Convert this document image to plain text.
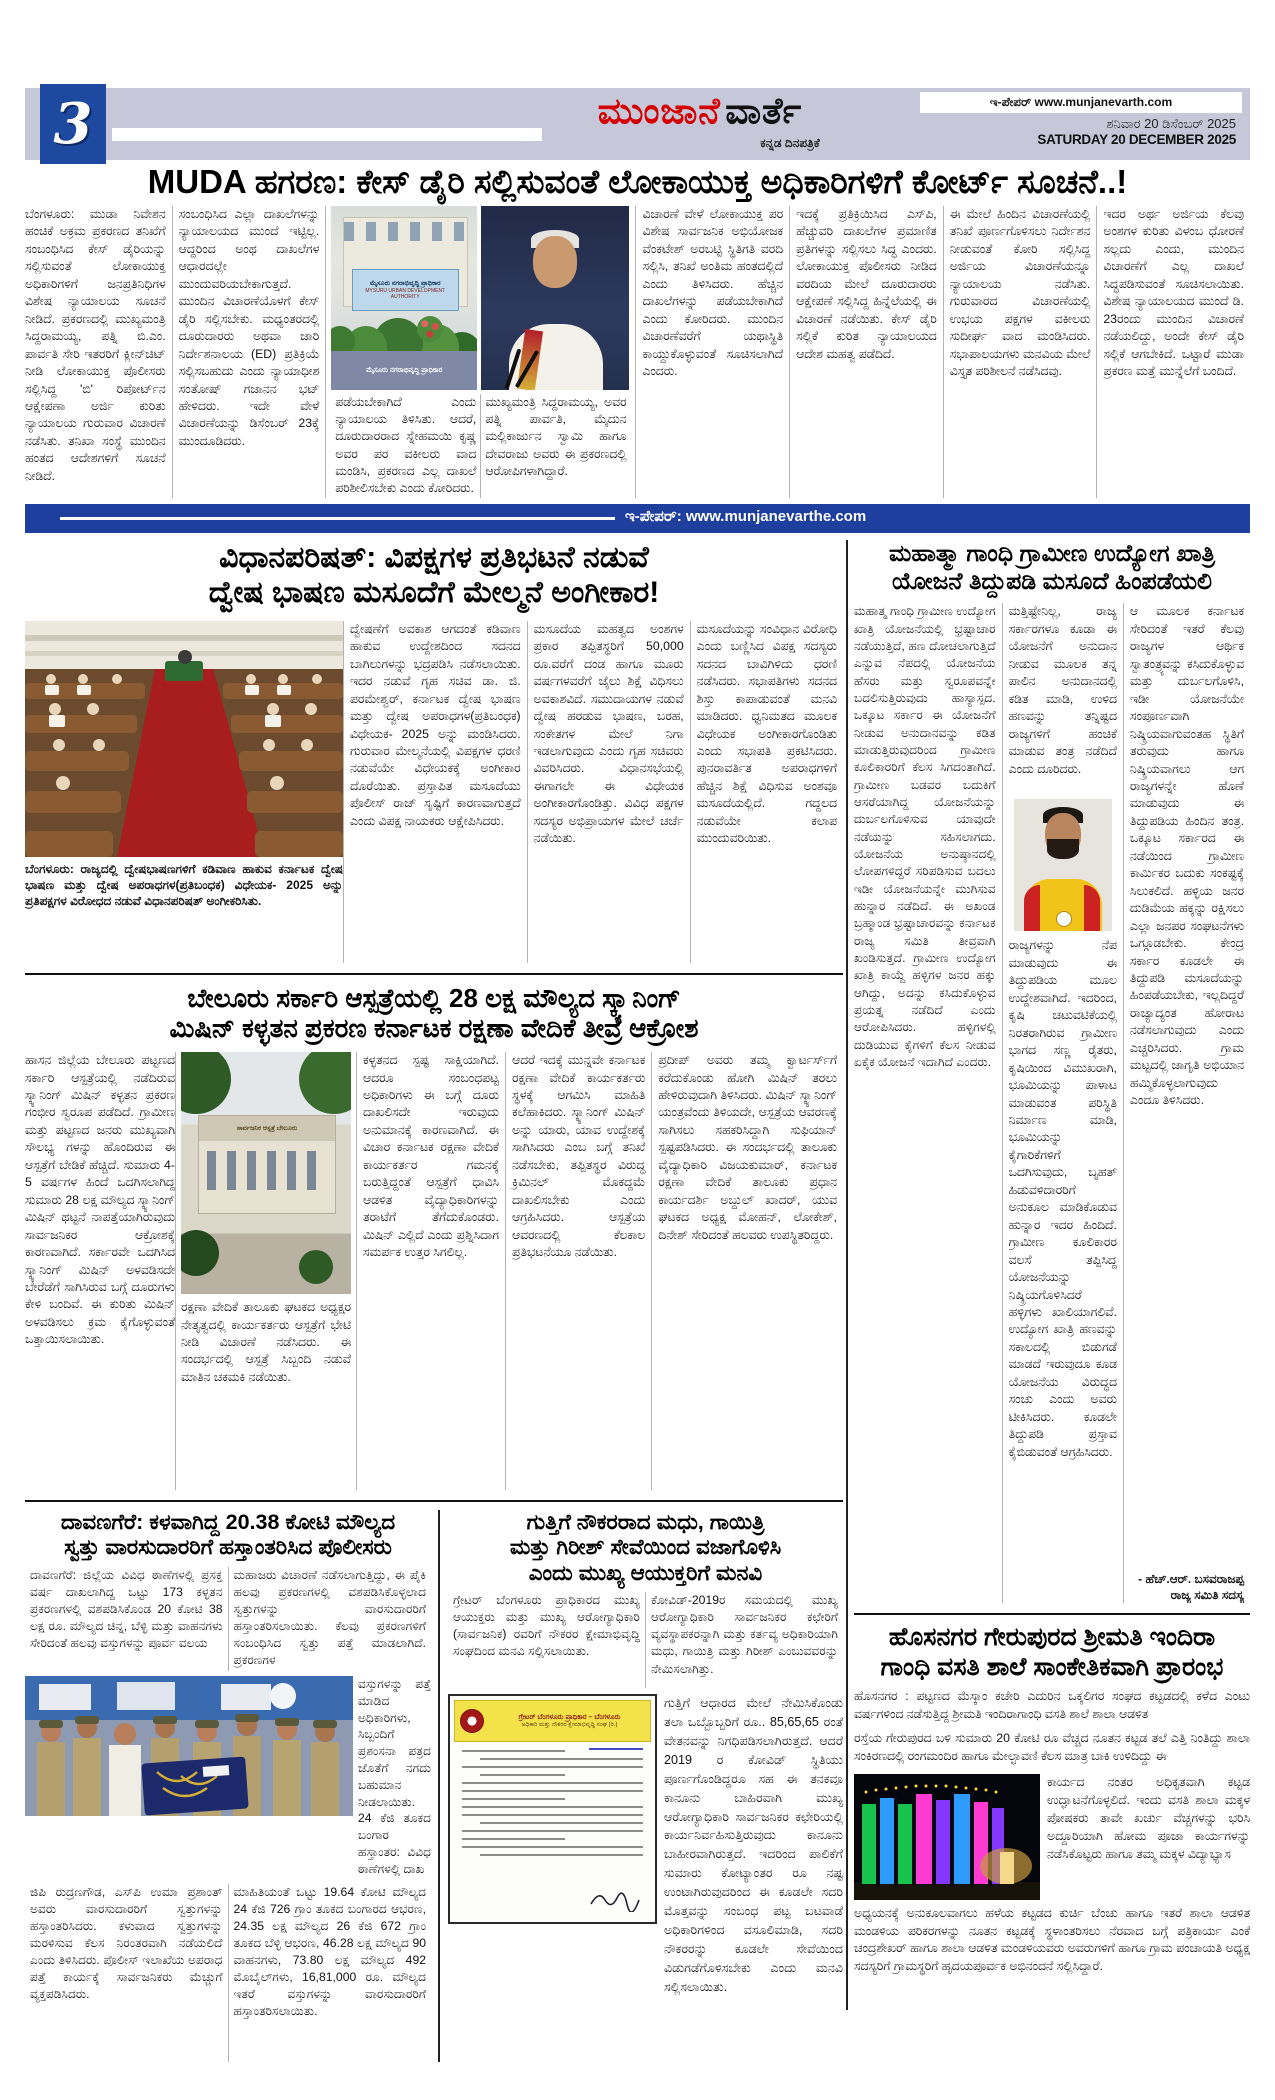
3	ಮುಂಜಾನೆ ವಾರ್ತೆ
ಕನ್ನಡ ದಿನಪತ್ರಿಕೆ
ಇ-ಪೇಪರ್ www.munjanevarth.com
ಶನಿವಾರ 20 ಡಿಸೆಂಬರ್ 2025
SATURDAY 20 DECEMBER 2025
MUDA ಹಗರಣ: ಕೇಸ್ ಡೈರಿ ಸಲ್ಲಿಸುವಂತೆ ಲೋಕಾಯುಕ್ತ ಅಧಿಕಾರಿಗಳಿಗೆ ಕೋರ್ಟ್ ಸೂಚನೆ..!
ಬೆಂಗಳೂರು: ಮುಡಾ ನಿವೇಶನ ಹಂಚಿಕೆ ಅಕ್ರಮ ಪ್ರಕರಣದ ತನಿಖೆಗೆ ಸಂಬಂಧಿಸಿದ ಕೇಸ್ ಡೈರಿಯನ್ನು ಸಲ್ಲಿಸುವಂತೆ ಲೋಕಾಯುಕ್ತ ಅಧಿಕಾರಿಗಳಿಗೆ ಜನಪ್ರತಿನಿಧಿಗಳ ವಿಶೇಷ ನ್ಯಾಯಾಲಯ ಸೂಚನೆ ನೀಡಿದೆ. ಪ್ರಕರಣದಲ್ಲಿ ಮುಖ್ಯಮಂತ್ರಿ ಸಿದ್ದರಾಮಯ್ಯ, ಪತ್ನಿ ಬಿ.ಎಂ. ಪಾರ್ವತಿ ಸೇರಿ ಇತರರಿಗೆ ಕ್ಲೀನ್‌ಚಿಟ್ ನೀಡಿ ಲೋಕಾಯುಕ್ತ ಪೊಲೀಸರು ಸಲ್ಲಿಸಿದ್ದ 'ಬಿ' ರಿಪೋರ್ಟ್‌ನ ಆಕ್ಷೇಪಣಾ ಅರ್ಜಿ ಕುರಿತು ನ್ಯಾಯಾಲಯ ಗುರುವಾರ ವಿಚಾರಣೆ ನಡೆಸಿತು. ತನಿಖಾ ಸಂಸ್ಥೆ ಮುಂದಿನ ಹಂತದ ಆದೇಶಗಳಿಗೆ ಸೂಚನೆ ನೀಡಿದೆ.
ಸಂಬಂಧಿಸಿದ ಎಲ್ಲಾ ದಾಖಲೆಗಳನ್ನು ನ್ಯಾಯಾಲಯದ ಮುಂದೆ ಇಟ್ಟಿಲ್ಲ. ಆದ್ದರಿಂದ ಅಂಥ ದಾಖಲೆಗಳ ಆಧಾರದಲ್ಲೇ ಮುಂದುವರಿಯಬೇಕಾಗುತ್ತದೆ. ಮುಂದಿನ ವಿಚಾರಣೆಯೊಳಗೆ ಕೇಸ್ ಡೈರಿ ಸಲ್ಲಿಸಬೇಕು. ಮಧ್ಯಂತರದಲ್ಲಿ ದೂರುದಾರರು ಅಥವಾ ಜಾರಿ ನಿರ್ದೇಶನಾಲಯ (ED) ಪ್ರತಿಕ್ರಿಯೆ ಸಲ್ಲಿಸಬಹುದು ಎಂದು ನ್ಯಾಯಾಧೀಶ ಸಂತೋಷ್ ಗಜಾನನ ಭಟ್ ಹೇಳಿದರು. ಇದೇ ವೇಳೆ ವಿಚಾರಣೆಯನ್ನು ಡಿಸೆಂಬರ್ 23ಕ್ಕೆ ಮುಂದೂಡಿದರು.
ಮೈಸೂರು ನಗರಾಭಿವೃದ್ಧಿ ಪ್ರಾಧಿಕಾರ
MYSURU URBAN DEVELOPMENT AUTHORITY
ಮೈಸೂರು ನಗರಾಭಿವೃದ್ಧಿ ಪ್ರಾಧಿಕಾರ
ಪಡೆಯಬೇಕಾಗಿದೆ ಎಂದು ನ್ಯಾಯಾಲಯ ತಿಳಿಸಿತು. ಆದರೆ, ದೂರುದಾರರಾದ ಸ್ನೇಹಮಯಿ ಕೃಷ್ಣ ಅವರ ಪರ ವಕೀಲರು ವಾದ ಮಂಡಿಸಿ, ಪ್ರಕರಣದ ಎಲ್ಲ ದಾಖಲೆ ಪರಿಶೀಲಿಸಬೇಕು ಎಂದು ಕೋರಿದರು.
ಮುಖ್ಯಮಂತ್ರಿ ಸಿದ್ದರಾಮಯ್ಯ, ಅವರ ಪತ್ನಿ ಪಾರ್ವತಿ, ಮೈದುನ ಮಲ್ಲಿಕಾರ್ಜುನ ಸ್ವಾಮಿ ಹಾಗೂ ದೇವರಾಜು ಅವರು ಈ ಪ್ರಕರಣದಲ್ಲಿ ಆರೋಪಿಗಳಾಗಿದ್ದಾರೆ.
ವಿಚಾರಣೆ ವೇಳೆ ಲೋಕಾಯುಕ್ತ ಪರ ವಿಶೇಷ ಸಾರ್ವಜನಿಕ ಅಭಿಯೋಜಕ ವೆಂಕಟೇಶ್ ಅರಬಟ್ಟಿ ಸ್ಥಿತಿಗತಿ ವರದಿ ಸಲ್ಲಿಸಿ, ತನಿಖೆ ಅಂತಿಮ ಹಂತದಲ್ಲಿದೆ ಎಂದು ತಿಳಿಸಿದರು. ಹೆಚ್ಚಿನ ದಾಖಲೆಗಳನ್ನು ಪಡೆಯಬೇಕಾಗಿದೆ ಎಂದು ಕೋರಿದರು. ಮುಂದಿನ ವಿಚಾರಣೆವರೆಗೆ ಯಥಾಸ್ಥಿತಿ ಕಾಯ್ದುಕೊಳ್ಳುವಂತೆ ಸೂಚಿಸಲಾಗಿದೆ ಎಂದರು.
ಇದಕ್ಕೆ ಪ್ರತಿಕ್ರಿಯಿಸಿದ ಎಸ್‌ಪಿ, ಹೆಚ್ಚುವರಿ ದಾಖಲೆಗಳ ಪ್ರಮಾಣಿತ ಪ್ರತಿಗಳನ್ನು ಸಲ್ಲಿಸಲು ಸಿದ್ಧ ಎಂದರು. ಲೋಕಾಯುಕ್ತ ಪೊಲೀಸರು ನೀಡಿದ ವರದಿಯ ಮೇಲೆ ದೂರುದಾರರು ಆಕ್ಷೇಪಣೆ ಸಲ್ಲಿಸಿದ್ದ ಹಿನ್ನೆಲೆಯಲ್ಲಿ ಈ ವಿಚಾರಣೆ ನಡೆಯಿತು. ಕೇಸ್ ಡೈರಿ ಸಲ್ಲಿಕೆ ಕುರಿತ ನ್ಯಾಯಾಲಯದ ಆದೇಶ ಮಹತ್ವ ಪಡೆದಿದೆ.
ಈ ಮೇಲೆ ಹಿಂದಿನ ವಿಚಾರಣೆಯಲ್ಲಿ ತನಿಖೆ ಪೂರ್ಣಗೊಳಿಸಲು ನಿರ್ದೇಶನ ನೀಡುವಂತೆ ಕೋರಿ ಸಲ್ಲಿಸಿದ್ದ ಅರ್ಜಿಯ ವಿಚಾರಣೆಯನ್ನೂ ನ್ಯಾಯಾಲಯ ನಡೆಸಿತು. ಗುರುವಾರದ ವಿಚಾರಣೆಯಲ್ಲಿ ಉಭಯ ಪಕ್ಷಗಳ ವಕೀಲರು ಸುದೀರ್ಘ ವಾದ ಮಂಡಿಸಿದರು. ಸಭಾಪಾಲಯಗಳು ಮನವಿಯ ಮೇಲೆ ವಿಸ್ತೃತ ಪರಿಶೀಲನೆ ನಡೆಸಿದವು.
ಇದರ ಅರ್ಥ ಅರ್ಜಿಯ ಕೆಲವು ಅಂಶಗಳ ಕುರಿತು ವಿಳಂಬ ಧೋರಣೆ ಸಲ್ಲದು ಎಂದು, ಮುಂದಿನ ವಿಚಾರಣೆಗೆ ಎಲ್ಲ ದಾಖಲೆ ಸಿದ್ಧಪಡಿಸುವಂತೆ ಸೂಚಿಸಲಾಯಿತು. ವಿಶೇಷ ನ್ಯಾಯಾಲಯದ ಮುಂದೆ ಡಿ. 23ರಂದು ಮುಂದಿನ ವಿಚಾರಣೆ ನಡೆಯಲಿದ್ದು, ಅಂದೇ ಕೇಸ್ ಡೈರಿ ಸಲ್ಲಿಕೆ ಆಗಬೇಕಿದೆ. ಒಟ್ಟಾರೆ ಮುಡಾ ಪ್ರಕರಣ ಮತ್ತೆ ಮುನ್ನೆಲೆಗೆ ಬಂದಿದೆ.
ಇ-ಪೇಪರ್: www.munjanevarthe.com
ವಿಧಾನಪರಿಷತ್: ವಿಪಕ್ಷಗಳ ಪ್ರತಿಭಟನೆ ನಡುವೆ
ದ್ವೇಷ ಭಾಷಣ ಮಸೂದೆಗೆ ಮೇಲ್ಮನೆ ಅಂಗೀಕಾರ!
ಬೆಂಗಳೂರು: ರಾಜ್ಯದಲ್ಲಿ ದ್ವೇಷಭಾಷಣಗಳಿಗೆ ಕಡಿವಾಣ ಹಾಕುವ ಕರ್ನಾಟಕ ದ್ವೇಷ ಭಾಷಣ ಮತ್ತು ದ್ವೇಷ ಅಪರಾಧಗಳ(ಪ್ರತಿಬಂಧಕ) ವಿಧೇಯಕ- 2025 ಅನ್ನು ಪ್ರತಿಪಕ್ಷಗಳ ವಿರೋಧದ ನಡುವೆ ವಿಧಾನಪರಿಷತ್ ಅಂಗೀಕರಿಸಿತು.
ದ್ವೇಷಣೆಗೆ ಅವಕಾಶ ಆಗದಂತೆ ಕಡಿವಾಣ ಹಾಕುವ ಉದ್ದೇಶದಿಂದ ಸದನದ ಬಾಗಿಲುಗಳನ್ನು ಭದ್ರಪಡಿಸಿ ನಡೆಸಲಾಯಿತು. ಇದರ ನಡುವೆ ಗೃಹ ಸಚಿವ ಡಾ. ಜಿ. ಪರಮೇಶ್ವರ್, ಕರ್ನಾಟಕ ದ್ವೇಷ ಭಾಷಣ ಮತ್ತು ದ್ವೇಷ ಅಪರಾಧಗಳ(ಪ್ರತಿಬಂಧಕ) ವಿಧೇಯಕ- 2025 ಅನ್ನು ಮಂಡಿಸಿದರು. ಗುರುವಾರ ಮೇಲ್ಮನೆಯಲ್ಲಿ ವಿಪಕ್ಷಗಳ ಧರಣಿ ನಡುವೆಯೇ ವಿಧೇಯಕಕ್ಕೆ ಅಂಗೀಕಾರ ದೊರೆಯಿತು. ಪ್ರಸ್ತಾಪಿತ ಮಸೂದೆಯು ಪೊಲೀಸ್ ರಾಜ್ ಸೃಷ್ಟಿಗೆ ಕಾರಣವಾಗುತ್ತದೆ ಎಂದು ವಿಪಕ್ಷ ನಾಯಕರು ಆಕ್ಷೇಪಿಸಿದರು.
ಮಸೂದೆಯ ಮಹತ್ವದ ಅಂಶಗಳ ಪ್ರಕಾರ ತಪ್ಪಿತಸ್ಥರಿಗೆ 50,000 ರೂ.ವರೆಗೆ ದಂಡ ಹಾಗೂ ಮೂರು ವರ್ಷಗಳವರೆಗೆ ಜೈಲು ಶಿಕ್ಷೆ ವಿಧಿಸಲು ಅವಕಾಶವಿದೆ. ಸಮುದಾಯಗಳ ನಡುವೆ ದ್ವೇಷ ಹರಡುವ ಭಾಷಣ, ಬರಹ, ಸಂಕೇತಗಳ ಮೇಲೆ ನಿಗಾ ಇಡಲಾಗುವುದು ಎಂದು ಗೃಹ ಸಚಿವರು ವಿವರಿಸಿದರು. ವಿಧಾನಸಭೆಯಲ್ಲಿ ಈಗಾಗಲೇ ಈ ವಿಧೇಯಕ ಅಂಗೀಕಾರಗೊಂಡಿತ್ತು. ವಿವಿಧ ಪಕ್ಷಗಳ ಸದಸ್ಯರ ಅಭಿಪ್ರಾಯಗಳ ಮೇಲೆ ಚರ್ಚೆ ನಡೆಯಿತು.
ಮಸೂದೆಯನ್ನು ಸಂವಿಧಾನ ವಿರೋಧಿ ಎಂದು ಬಣ್ಣಿಸಿದ ವಿಪಕ್ಷ ಸದಸ್ಯರು ಸದನದ ಬಾವಿಗಿಳಿದು ಧರಣಿ ನಡೆಸಿದರು. ಸಭಾಪತಿಗಳು ಸದನದ ಶಿಸ್ತು ಕಾಪಾಡುವಂತೆ ಮನವಿ ಮಾಡಿದರು. ಧ್ವನಿಮತದ ಮೂಲಕ ವಿಧೇಯಕ ಅಂಗೀಕಾರಗೊಂಡಿತು ಎಂದು ಸಭಾಪತಿ ಪ್ರಕಟಿಸಿದರು. ಪುನರಾವರ್ತಿತ ಅಪರಾಧಗಳಿಗೆ ಹೆಚ್ಚಿನ ಶಿಕ್ಷೆ ವಿಧಿಸುವ ಅಂಶವೂ ಮಸೂದೆಯಲ್ಲಿದೆ. ಗದ್ದಲದ ನಡುವೆಯೇ ಕಲಾಪ ಮುಂದುವರಿಯಿತು.
ಬೇಲೂರು ಸರ್ಕಾರಿ ಆಸ್ಪತ್ರೆಯಲ್ಲಿ 28 ಲಕ್ಷ ಮೌಲ್ಯದ ಸ್ಕ್ಯಾನಿಂಗ್
ಮಿಷಿನ್ ಕಳ್ಳತನ ಪ್ರಕರಣ ಕರ್ನಾಟಕ ರಕ್ಷಣಾ ವೇದಿಕೆ ತೀವ್ರ ಆಕ್ರೋಶ
ಹಾಸನ ಜಿಲ್ಲೆಯ ಬೇಲೂರು ಪಟ್ಟಣದ ಸರ್ಕಾರಿ ಆಸ್ಪತ್ರೆಯಲ್ಲಿ ನಡೆದಿರುವ ಸ್ಕ್ಯಾನಿಂಗ್ ಮಿಷಿನ್ ಕಳ್ಳತನ ಪ್ರಕರಣ ಗಂಭೀರ ಸ್ವರೂಪ ಪಡೆದಿದೆ. ಗ್ರಾಮೀಣ ಮತ್ತು ಪಟ್ಟಣದ ಜನರು ಮುಖ್ಯವಾಗಿ ಸೌಲಭ್ಯ ಗಳನ್ನು ಹೊಂದಿರುವ ಈ ಆಸ್ಪತ್ರೆಗೆ ಬೇಡಿಕೆ ಹೆಚ್ಚಿದೆ. ಸುಮಾರು 4-5 ವರ್ಷಗಳ ಹಿಂದೆ ಒದಗಿಸಲಾಗಿದ್ದ ಸುಮಾರು 28 ಲಕ್ಷ ಮೌಲ್ಯದ ಸ್ಕ್ಯಾನಿಂಗ್ ಮಿಷಿನ್ ಥಟ್ಟನೆ ನಾಪತ್ತೆಯಾಗಿರುವುದು ಸಾರ್ವಜನಿಕರ ಆಕ್ರೋಶಕ್ಕೆ ಕಾರಣವಾಗಿದೆ. ಸರ್ಕಾರವೇ ಒದಗಿಸಿದ ಸ್ಕ್ಯಾನಿಂಗ್ ಮಿಷಿನ್ ಅಳವಡಿಸದೇ ಬೇರೆಡೆಗೆ ಸಾಗಿಸಿರುವ ಬಗ್ಗೆ ದೂರುಗಳು ಕೇಳಿ ಬಂದಿವೆ. ಈ ಕುರಿತು ಮಿಷಿನ್ ಅಳವಡಿಸಲು ಕ್ರಮ ಕೈಗೊಳ್ಳುವಂತೆ ಒತ್ತಾಯಿಸಲಾಯಿತು.
ಸಾರ್ವಜನಿಕ ಆಸ್ಪತ್ರೆ ಬೇಲೂರು
ರಕ್ಷಣಾ ವೇದಿಕೆ ತಾಲೂಕು ಘಟಕದ ಅಧ್ಯಕ್ಷರ ನೇತೃತ್ವದಲ್ಲಿ ಕಾರ್ಯಕರ್ತರು ಆಸ್ಪತ್ರೆಗೆ ಭೇಟಿ ನೀಡಿ ವಿಚಾರಣೆ ನಡೆಸಿದರು. ಈ ಸಂದರ್ಭದಲ್ಲಿ ಆಸ್ಪತ್ರೆ ಸಿಬ್ಬಂದಿ ನಡುವೆ ಮಾತಿನ ಚಕಮಕಿ ನಡೆಯಿತು.
ಕಳ್ಳತನದ ಸ್ಪಷ್ಟ ಸಾಕ್ಷಿಯಾಗಿದೆ. ಆದರೂ ಸಂಬಂಧಪಟ್ಟ ಅಧಿಕಾರಿಗಳು ಈ ಬಗ್ಗೆ ದೂರು ದಾಖಲಿಸದೇ ಇರುವುದು ಅನುಮಾನಕ್ಕೆ ಕಾರಣವಾಗಿದೆ. ಈ ವಿಚಾರ ಕರ್ನಾಟಕ ರಕ್ಷಣಾ ವೇದಿಕೆ ಕಾರ್ಯಕರ್ತರ ಗಮನಕ್ಕೆ ಬರುತ್ತಿದ್ದಂತೆ ಆಸ್ಪತ್ರೆಗೆ ಧಾವಿಸಿ ಆಡಳಿತ ವೈದ್ಯಾಧಿಕಾರಿಗಳನ್ನು ತರಾಟೆಗೆ ತೆಗೆದುಕೊಂಡರು. ಮಿಷಿನ್ ಎಲ್ಲಿದೆ ಎಂದು ಪ್ರಶ್ನಿಸಿದಾಗ ಸಮರ್ಪಕ ಉತ್ತರ ಸಿಗಲಿಲ್ಲ.
ಆದರೆ ಇದಕ್ಕೆ ಮುನ್ನವೇ ಕರ್ನಾಟಕ ರಕ್ಷಣಾ ವೇದಿಕೆ ಕಾರ್ಯಕರ್ತರು ಸ್ಥಳಕ್ಕೆ ಆಗಮಿಸಿ ಮಾಹಿತಿ ಕಲೆಹಾಕಿದರು. ಸ್ಕ್ಯಾನಿಂಗ್ ಮಿಷಿನ್ ಅನ್ನು ಯಾರು, ಯಾವ ಉದ್ದೇಶಕ್ಕೆ ಸಾಗಿಸಿದರು ಎಂಬ ಬಗ್ಗೆ ತನಿಖೆ ನಡೆಸಬೇಕು, ತಪ್ಪಿತಸ್ಥರ ವಿರುದ್ಧ ಕ್ರಿಮಿನಲ್ ಮೊಕದ್ದಮೆ ದಾಖಲಿಸಬೇಕು ಎಂದು ಆಗ್ರಹಿಸಿದರು. ಆಸ್ಪತ್ರೆಯ ಆವರಣದಲ್ಲಿ ಕೆಲಕಾಲ ಪ್ರತಿಭಟನೆಯೂ ನಡೆಯಿತು.
ಪ್ರದೀಪ್ ಅವರು ತಮ್ಮ ಕ್ವಾರ್ಟರ್ಸ್‌ಗೆ ಕರೆದುಕೊಂಡು ಹೋಗಿ ಮಿಷಿನ್ ತರಲು ಹೇಳಿರುವುದಾಗಿ ತಿಳಿಸಿದರು. ಮಿಷಿನ್ ಸ್ಕ್ಯಾನಿಂಗ್ ಯಂತ್ರವೆಂದು ತಿಳಿಯದೇ, ಆಸ್ಪತ್ರೆಯ ಆವರಣಕ್ಕೆ ಸಾಗಿಸಲು ಸಹಕರಿಸಿದ್ದಾಗಿ ಸುಫಿಯಾನ್ ಸ್ಪಷ್ಟಪಡಿಸಿದರು. ಈ ಸಂದರ್ಭದಲ್ಲಿ ತಾಲೂಕು ವೈದ್ಯಾಧಿಕಾರಿ ವಿಜಯಕುಮಾರ್, ಕರ್ನಾಟಕ ರಕ್ಷಣಾ ವೇದಿಕೆ ತಾಲೂಕು ಪ್ರಧಾನ ಕಾರ್ಯದರ್ಶಿ ಅಬ್ದುಲ್ ಖಾದರ್, ಯುವ ಘಟಕದ ಅಧ್ಯಕ್ಷ ಮೋಹನ್, ಲೋಕೇಶ್, ದಿನೇಶ್ ಸೇರಿದಂತೆ ಹಲವರು ಉಪಸ್ಥಿತರಿದ್ದರು.
ದಾವಣಗೆರೆ: ಕಳವಾಗಿದ್ದ 20.38 ಕೋಟಿ ಮೌಲ್ಯದ
ಸ್ವತ್ತು ವಾರಸುದಾರರಿಗೆ ಹಸ್ತಾಂತರಿಸಿದ ಪೊಲೀಸರು
ದಾವಣಗೆರೆ: ಜಿಲ್ಲೆಯ ವಿವಿಧ ಠಾಣೆಗಳಲ್ಲಿ ಪ್ರಸಕ್ತ ವರ್ಷ ದಾಖಲಾಗಿದ್ದ ಒಟ್ಟು 173 ಕಳ್ಳತನ ಪ್ರಕರಣಗಳಲ್ಲಿ ವಶಪಡಿಸಿಕೊಂಡ 20 ಕೋಟಿ 38 ಲಕ್ಷ ರೂ. ಮೌಲ್ಯದ ಚಿನ್ನ, ಬೆಳ್ಳಿ ಮತ್ತು ವಾಹನಗಳು ಸೇರಿದಂತೆ ಹಲವು ವಸ್ತುಗಳನ್ನು ಪೂರ್ವ ವಲಯ
ಮಹಾಜರು ವಿಚಾರಣೆ ನಡೆಸಲಾಗುತ್ತಿದ್ದು, ಈ ಪೈಕಿ ಹಲವು ಪ್ರಕರಣಗಳಲ್ಲಿ ವಶಪಡಿಸಿಕೊಳ್ಳಲಾದ ಸ್ವತ್ತುಗಳನ್ನು ವಾರಸುದಾರರಿಗೆ ಹಸ್ತಾಂತರಿಸಲಾಯಿತು. ಕೆಲವು ಪ್ರಕರಣಗಳಿಗೆ ಸಂಬಂಧಿಸಿದ ಸ್ವತ್ತು ಪತ್ತೆ ಮಾಡಲಾಗಿದೆ. ಪ್ರಕರಣಗಳ
ವಸ್ತುಗಳನ್ನು ಪತ್ತೆ ಮಾಡಿದ ಅಧಿಕಾರಿಗಳು, ಸಿಬ್ಬಂದಿಗೆ ಪ್ರಶಂಸನಾ ಪತ್ರದ ಜೊತೆಗೆ ನಗದು ಬಹುಮಾನ ನೀಡಲಾಯಿತು. 24 ಕೆಜಿ ತೂಕದ ಬಂಗಾರ ಹಸ್ತಾಂತರ: ವಿವಿಧ ಠಾಣೆಗಳಲ್ಲಿ ದಾಖ
ಜಿಪಿ ರುದ್ರಣಗೌಡ, ಎಸ್‌ಪಿ ಉಮಾ ಪ್ರಶಾಂತ್ ಅವರು ವಾರಸುದಾರರಿಗೆ ಸ್ವತ್ತುಗಳನ್ನು ಹಸ್ತಾಂತರಿಸಿದರು. ಕಳುವಾದ ಸ್ವತ್ತುಗಳನ್ನು ಮರಳಿಸುವ ಕೆಲಸ ನಿರಂತರವಾಗಿ ನಡೆಯಲಿದೆ ಎಂದು ತಿಳಿಸಿದರು. ಪೊಲೀಸ್ ಇಲಾಖೆಯ ಅಪರಾಧ ಪತ್ತೆ ಕಾರ್ಯಕ್ಕೆ ಸಾರ್ವಜನಿಕರು ಮೆಚ್ಚುಗೆ ವ್ಯಕ್ತಪಡಿಸಿದರು.
ಮಾಹಿತಿಯಂತೆ ಒಟ್ಟು 19.64 ಕೋಟಿ ಮೌಲ್ಯದ 24 ಕೆಜಿ 726 ಗ್ರಾಂ ತೂಕದ ಬಂಗಾರದ ಆಭರಣ, 24.35 ಲಕ್ಷ ಮೌಲ್ಯದ 26 ಕೆಜಿ 672 ಗ್ರಾಂ ತೂಕದ ಬೆಳ್ಳಿ ಆಭರಣ, 46.28 ಲಕ್ಷ ಮೌಲ್ಯದ 90 ವಾಹನಗಳು, 73.80 ಲಕ್ಷ ಮೌಲ್ಯದ 492 ಮೊಬೈಲ್‌ಗಳು, 16,81,000 ರೂ. ಮೌಲ್ಯದ ಇತರೆ ವಸ್ತುಗಳನ್ನು ವಾರಸುದಾರರಿಗೆ ಹಸ್ತಾಂತರಿಸಲಾಯಿತು.
ಗುತ್ತಿಗೆ ನೌಕರರಾದ ಮಧು, ಗಾಯಿತ್ರಿ
ಮತ್ತು ಗಿರೀಶ್ ಸೇವೆಯಿಂದ ವಜಾಗೊಳಿಸಿ
ಎಂದು ಮುಖ್ಯ ಆಯುಕ್ತರಿಗೆ ಮನವಿ
ಗ್ರೇಟರ್ ಬೆಂಗಳೂರು ಪ್ರಾಧಿಕಾರದ ಮುಖ್ಯ ಆಯುಕ್ತರು ಮತ್ತು ಮುಖ್ಯ ಆರೋಗ್ಯಾಧಿಕಾರಿ (ಸಾರ್ವಜನಿಕ) ರವರಿಗೆ ನೌಕರರ ಕ್ಷೇಮಾಭಿವೃದ್ಧಿ ಸಂಘದಿಂದ ಮನವಿ ಸಲ್ಲಿಸಲಾಯಿತು.
ಕೋವಿಡ್-2019ರ ಸಮಯದಲ್ಲಿ ಮುಖ್ಯ ಆರೋಗ್ಯಾಧಿಕಾರಿ ಸಾರ್ವಜನಿಕರ ಕಛೇರಿಗೆ ವ್ಯವಸ್ಥಾಪಕರನ್ನಾಗಿ ಮತ್ತು ಕರ್ತವ್ಯ ಅಧಿಕಾರಿಯಾಗಿ ಮಧು, ಗಾಯಿತ್ರಿ ಮತ್ತು ಗಿರೀಶ್ ಎಂಬುವವರನ್ನು ನೇಮಿಸಲಾಗಿತ್ತು.
ಗ್ರೇಟರ್ ಬೆಂಗಳೂರು ಪ್ರಾಧಿಕಾರ – ಬೆಂಗಳೂರು
ಅಧಿಕಾರಿ ಮತ್ತು ನೌಕರರ ಕ್ಷೇಮಾಭಿವೃದ್ಧಿ ಸಂಘ (ರಿ.)
ಗುತ್ತಿಗೆ ಆಧಾರದ ಮೇಲೆ ನೇಮಿಸಿಕೊಂಡು ತಲಾ ಒಬ್ಬೊಬ್ಬರಿಗೆ ರೂ.. 85,65,65 ರಂತೆ ವೇತನವನ್ನು ನಿಗಧಿಪಡಿಸಲಾಗಿರುತ್ತದೆ. ಆದರೆ 2019 ರ ಕೋವಿಡ್ ಸ್ಥಿತಿಯು ಪೂರ್ಣಗೊಂಡಿದ್ದರೂ ಸಹ ಈ ತನಕವೂ ಕಾನೂನು ಬಾಹಿರವಾಗಿ ಮುಖ್ಯ ಆರೋಗ್ಯಾಧಿಕಾರಿ ಸಾರ್ವಜನಿಕರ ಕಛೇರಿಯಲ್ಲಿ ಕಾರ್ಯನಿರ್ವಹಿಸುತ್ತಿರುವುದು ಕಾನೂನು ಬಾಹೀರವಾಗಿರುತ್ತದೆ. ಇದರಿಂದ ಪಾಲಿಕೆಗೆ ಸುಮಾರು ಕೋಟ್ಯಾಂತರ ರೂ ನಷ್ಟ ಉಂಟಾಗಿರುವುದರಿಂದ ಈ ಕೂಡಲೇ ಸದರಿ ಮೊತ್ತವನ್ನು ಸಂಬಂಧ ಪಟ್ಟ ಬಟವಾಡೆ ಅಧಿಕಾರಿಗಳಿಂದ ವಸೂಲಿಮಾಡಿ, ಸದರಿ ನೌಕರರನ್ನು ಕೂಡಲೇ ಸೇವೆಯಿಂದ ವಿಡುಗಡೆಗೊಳಿಸಬೇಕು ಎಂದು ಮನವಿ ಸಲ್ಲಿಸಲಾಯಿತು.
ಮಹಾತ್ಮಾ ಗಾಂಧಿ ಗ್ರಾಮೀಣ ಉದ್ಯೋಗ ಖಾತ್ರಿ
ಯೋಜನೆ ತಿದ್ದುಪಡಿ ಮಸೂದೆ ಹಿಂಪಡೆಯಲಿ
ಮಹಾತ್ಮ ಗಾಂಧಿ ಗ್ರಾಮೀಣ ಉದ್ಯೋಗ ಖಾತ್ರಿ ಯೋಜನೆಯಲ್ಲಿ ಭ್ರಷ್ಟಾಚಾರ ನಡೆಯುತ್ತಿದೆ, ಹಣ ದೋಚಲಾಗುತ್ತಿದೆ ಎನ್ನುವ ನೆಪದಲ್ಲಿ ಯೋಜನೆಯ ಹೆಸರು ಮತ್ತು ಸ್ವರೂಪವನ್ನೇ ಬದಲಿಸುತ್ತಿರುವುದು ಹಾಸ್ಯಾಸ್ಪದ. ಒಕ್ಕೂಟ ಸರ್ಕಾರ ಈ ಯೋಜನೆಗೆ ನೀಡುವ ಅನುದಾನವನ್ನು ಕಡಿತ ಮಾಡುತ್ತಿರುವುದರಿಂದ ಗ್ರಾಮೀಣ ಕೂಲಿಕಾರರಿಗೆ ಕೆಲಸ ಸಿಗದಂತಾಗಿದೆ. ಗ್ರಾಮೀಣ ಬಡವರ ಬದುಕಿಗೆ ಆಸರೆಯಾಗಿದ್ದ ಯೋಜನೆಯನ್ನು ದುರ್ಬಲಗೊಳಿಸುವ ಯಾವುದೇ ನಡೆಯನ್ನು ಸಹಿಸಲಾಗದು. ಯೋಜನೆಯ ಅನುಷ್ಠಾನದಲ್ಲಿ ಲೋಪಗಳಿದ್ದರೆ ಸರಿಪಡಿಸುವ ಬದಲು ಇಡೀ ಯೋಜನೆಯನ್ನೇ ಮುಗಿಸುವ ಹುನ್ನಾರ ನಡೆದಿದೆ. ಈ ಅಖಂಡ ಬ್ರಹ್ಮಾಂಡ ಭ್ರಷ್ಟಾಚಾರವನ್ನು ಕರ್ನಾಟಕ ರಾಜ್ಯ ಸಮಿತಿ ತೀವ್ರವಾಗಿ ಖಂಡಿಸುತ್ತದೆ. ಗ್ರಾಮೀಣ ಉದ್ಯೋಗ ಖಾತ್ರಿ ಕಾಯ್ದೆ ಹಳ್ಳಿಗಳ ಜನರ ಹಕ್ಕು ಆಗಿದ್ದು, ಅದನ್ನು ಕಸಿದುಕೊಳ್ಳುವ ಪ್ರಯತ್ನ ನಡೆದಿದೆ ಎಂದು ಆರೋಪಿಸಿದರು. ಹಳ್ಳಿಗಳಲ್ಲಿ ದುಡಿಯುವ ಕೈಗಳಿಗೆ ಕೆಲಸ ನೀಡುವ ಏಕೈಕ ಯೋಜನೆ ಇದಾಗಿದೆ ಎಂದರು.
ಮತ್ತಿಷ್ಟೇನಿಲ್ಲ, ರಾಜ್ಯ ಸರ್ಕಾರಗಳೂ ಕೂಡಾ ಈ ಯೋಜನೆಗೆ ಅನುದಾನ ನೀಡುವ ಮೂಲಕ ತನ್ನ ಪಾಲಿನ ಅನುದಾನದಲ್ಲಿ ಕಡಿತ ಮಾಡಿ, ಉಳಿದ ಹಣವನ್ನು ತನ್ನಿಷ್ಟದ ರಾಜ್ಯಗಳಿಗೆ ಹಂಚಿಕೆ ಮಾಡುವ ತಂತ್ರ ನಡೆದಿದೆ ಎಂದು ದೂರಿದರು.
ರಾಜ್ಯಗಳನ್ನು ನೆಪ ಮಾಡುವುದು ಈ ತಿದ್ದುಪಡಿಯ ಮೂಲ ಉದ್ದೇಶವಾಗಿದೆ. ಇದರಿಂದ, ಕೃಷಿ ಚಟುವಟಿಕೆಯಲ್ಲಿ ನಿರತರಾಗಿರುವ ಗ್ರಾಮೀಣ ಭಾಗದ ಸಣ್ಣ ರೈತರು, ಕೃಷಿಯಿಂದ ವಿಮುಖರಾಗಿ, ಭೂಮಿಯನ್ನು ಪಾಳಾಟ ಮಾಡುವಂತ ಪರಿಸ್ಥಿತಿ ನಿರ್ಮಾಣ ಮಾಡಿ, ಭೂಮಿಯನ್ನು ಕೈಗಾರಿಕೆಗಳಿಗೆ ಒದಗಿಸುವುದು, ಬೃಹತ್ ಹಿಡುವಳಿದಾರರಿಗೆ ಅನುಕೂಲ ಮಾಡಿಕೊಡುವ ಹುನ್ನಾರ ಇದರ ಹಿಂದಿದೆ. ಗ್ರಾಮೀಣ ಕೂಲಿಕಾರರ ವಲಸೆ ತಪ್ಪಿಸಿದ್ದ ಯೋಜನೆಯನ್ನು ನಿಷ್ಕ್ರಿಯಗೊಳಿಸಿದರೆ ಹಳ್ಳಿಗಳು ಖಾಲಿಯಾಗಲಿವೆ. ಉದ್ಯೋಗ ಖಾತ್ರಿ ಹಣವನ್ನು ಸಕಾಲದಲ್ಲಿ ಬಿಡುಗಡೆ ಮಾಡದೆ ಇರುವುದೂ ಕೂಡ ಯೋಜನೆಯ ವಿರುದ್ಧದ ಸಂಚು ಎಂದು ಅವರು ಟೀಕಿಸಿದರು. ಕೂಡಲೇ ತಿದ್ದುಪಡಿ ಪ್ರಸ್ತಾವ ಕೈಬಿಡುವಂತೆ ಆಗ್ರಹಿಸಿದರು.
ಆ ಮೂಲಕ ಕರ್ನಾಟಕ ಸೇರಿದಂತೆ ಇತರೆ ಕೆಲವು ರಾಜ್ಯಗಳ ಆರ್ಥಿಕ ಸ್ವಾತಂತ್ರ್ಯವನ್ನು ಕಸಿದುಕೊಳ್ಳುವ ಮತ್ತು ದುರ್ಬಲಗೊಳಿಸಿ, ಇಡೀ ಯೋಜನೆಯೇ ಸಂಪೂರ್ಣವಾಗಿ ನಿಷ್ಕ್ರಿಯವಾಗುವಂತಹ ಸ್ಥಿತಿಗೆ ತರುವುದು ಹಾಗೂ ನಿಷ್ಕ್ರಿಯವಾಗಲು ಆಗ ರಾಜ್ಯಗಳನ್ನೇ ಹೊಣೆ ಮಾಡುವುದು ಈ ತಿದ್ದುಪಡಿಯ ಹಿಂದಿನ ತಂತ್ರ. ಒಕ್ಕೂಟ ಸರ್ಕಾರದ ಈ ನಡೆಯಿಂದ ಗ್ರಾಮೀಣ ಕಾರ್ಮಿಕರ ಬದುಕು ಸಂಕಷ್ಟಕ್ಕೆ ಸಿಲುಕಲಿದೆ. ಹಳ್ಳಿಯ ಜನರ ದುಡಿಮೆಯ ಹಕ್ಕನ್ನು ರಕ್ಷಿಸಲು ಎಲ್ಲಾ ಜನಪರ ಸಂಘಟನೆಗಳು ಒಗ್ಗೂಡಬೇಕು. ಕೇಂದ್ರ ಸರ್ಕಾರ ಕೂಡಲೇ ಈ ತಿದ್ದುಪಡಿ ಮಸೂದೆಯನ್ನು ಹಿಂಪಡೆಯಬೇಕು, ಇಲ್ಲದಿದ್ದರೆ ರಾಜ್ಯಾದ್ಯಂತ ಹೋರಾಟ ನಡೆಸಲಾಗುವುದು ಎಂದು ಎಚ್ಚರಿಸಿದರು. ಗ್ರಾಮ ಮಟ್ಟದಲ್ಲಿ ಜಾಗೃತಿ ಅಭಿಯಾನ ಹಮ್ಮಿಕೊಳ್ಳಲಾಗುವುದು ಎಂದೂ ತಿಳಿಸಿದರು.
- ಹೆಚ್.ಆರ್. ಬಸವರಾಜಪ್ಪ
ರಾಜ್ಯ ಸಮಿತಿ ಸದಸ್ಯ
ಹೊಸನಗರ ಗೇರುಪುರದ ಶ್ರೀಮತಿ ಇಂದಿರಾ
ಗಾಂಧಿ ವಸತಿ ಶಾಲೆ ಸಾಂಕೇತಿಕವಾಗಿ ಪ್ರಾರಂಭ
ಹೊಸನಗರ : ಪಟ್ಟಣದ ಮೆಸ್ಕಾಂ ಕಚೇರಿ ಎದುರಿನ ಒಕ್ಕಲಿಗರ ಸಂಘದ ಕಟ್ಟಡದಲ್ಲಿ ಕಳೆದ ಎಂಟು ವರ್ಷಗಳಿಂದ ನಡೆಸುತ್ತಿದ್ದ ಶ್ರೀಮತಿ ಇಂದಿರಾಗಾಂಧಿ ವಸತಿ ಶಾಲೆ ಶಾಲಾ ಆಡಳಿತ
ರಸ್ತೆಯ ಗೇರುಪುರದ ಬಳಿ ಸುಮಾರು 20 ಕೋಟಿ ರೂ ವೆಚ್ಚದ ನೂತನ ಕಟ್ಟಡ ತಲೆ ಎತ್ತಿ ನಿಂತಿದ್ದು ಶಾಲಾ ಸಂಕಿರಣದಲ್ಲಿ ರಂಗಮಂದಿರ ಹಾಗೂ ಮೇಲ್ಛಾವಣಿ ಕೆಲಸ ಮಾತ್ರ ಬಾಕಿ ಉಳಿದಿದ್ದು ಈ
ಕಾರ್ಯದ ನಂತರ ಅಧಿಕೃತವಾಗಿ ಕಟ್ಟಡ ಉದ್ಘಾಟನೆಗೊಳ್ಳಲಿದೆ. ಇಂದು ವಸತಿ ಶಾಲಾ ಮಕ್ಕಳ ಪೋಷಕರು ತಾವೇ ಖರ್ಚು ವೆಚ್ಚಗಳನ್ನು ಭರಿಸಿ ಅದ್ದೂರಿಯಾಗಿ ಹೋಮ ಪೂಜಾ ಕಾರ್ಯಗಳನ್ನು ನಡೆಸಿಕೊಟ್ಟರು ಹಾಗೂ ತಮ್ಮ ಮಕ್ಕಳ ವಿದ್ಯಾಭ್ಯಾಸ
ಅಧ್ಯಯನಕ್ಕೆ ಅನುಕೂಲವಾಗಲು ಹಳೆಯ ಕಟ್ಟಡದ ಕುರ್ಚಿ ಬೆಂಚು ಹಾಗೂ ಇತರೆ ಶಾಲಾ ಆಡಳಿತ ಮಂಡಳಿಯ ಪರಿಕರಗಳನ್ನು ನೂತನ ಕಟ್ಟಡಕ್ಕೆ ಸ್ಥಳಾಂತರಿಸಲು ನೆರವಾದ ಬಗ್ಗೆ ಪತ್ರಿಕಾರ್ಯ ಎಂಕೆ ಚಂದ್ರಶೇಖರ್ ಹಾಗೂ ಶಾಲಾ ಆಡಳಿತ ಮಂಡಳಿಯವರು ಅವರುಗಳಿಗೆ ಹಾಗೂ ಗ್ರಾಮ ಪಂಚಾಯತಿ ಅಧ್ಯಕ್ಷ ಸದಸ್ಯರಿಗೆ ಗ್ರಾಮಸ್ಥರಿಗೆ ಹೃದಯಪೂರ್ವಕ ಅಭಿನಂದನೆ ಸಲ್ಲಿಸಿದ್ದಾರೆ.
